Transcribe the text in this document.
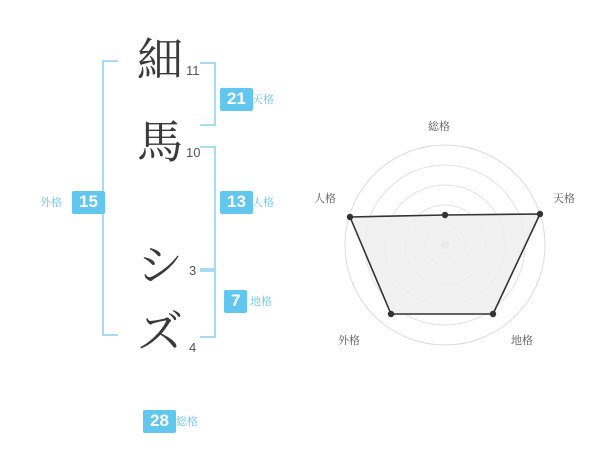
細 11
馬 10
シ 3
ズ 4
21 天格
13 人格
7 地格
外格	15
28 総格
総格
天格
地格
外格
人格
